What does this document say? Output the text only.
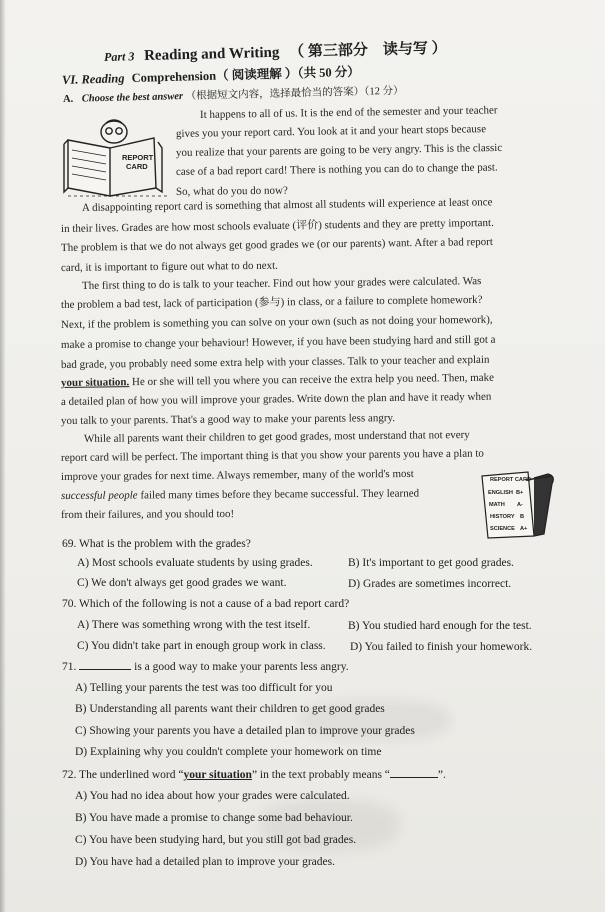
Part 3 Reading and Writing （ 第三部分　读与写 ）
VI. Reading Comprehension（ 阅读理解 ）（共 50 分）
A. Choose the best answer （根据短文内容，选择最恰当的答案）（12 分）
REPORT
CARD
It happens to all of us. It is the end of the semester and your teacher
gives you your report card. You look at it and your heart stops because
you realize that your parents are going to be very angry. This is the classic
case of a bad report card! There is nothing you can do to change the past.
So, what do you do now?
A disappointing report card is something that almost all students will experience at least once
in their lives. Grades are how most schools evaluate (评价) students and they are pretty important.
The problem is that we do not always get good grades we (or our parents) want. After a bad report
card, it is important to figure out what to do next.
The first thing to do is talk to your teacher. Find out how your grades were calculated. Was
the problem a bad test, lack of participation (参与) in class, or a failure to complete homework?
Next, if the problem is something you can solve on your own (such as not doing your homework),
make a promise to change your behaviour! However, if you have been studying hard and still got a
bad grade, you probably need some extra help with your classes. Talk to your teacher and explain
your situation. He or she will tell you where you can receive the extra help you need. Then, make
a detailed plan of how you will improve your grades. Write down the plan and have it ready when
you talk to your parents. That's a good way to make your parents less angry.
While all parents want their children to get good grades, most understand that not every
report card will be perfect. The important thing is that you show your parents you have a plan to
improve your grades for next time. Always remember, many of the world's most
successful people failed many times before they became successful. They learned
from their failures, and you should too!
REPORT CARD
ENGLISH B+
MATH A-
HISTORY B
SCIENCE A+
69. What is the problem with the grades?
A) Most schools evaluate students by using grades.	B) It's important to get good grades.
C) We don't always get good grades we want.	D) Grades are sometimes incorrect.
70. Which of the following is not a cause of a bad report card?
A) There was something wrong with the test itself.	B) You studied hard enough for the test.
C) You didn't take part in enough group work in class. D) You failed to finish your homework.
71.	is a good way to make your parents less angry.
A) Telling your parents the test was too difficult for you
B) Understanding all parents want their children to get good grades
C) Showing your parents you have a detailed plan to improve your grades
D) Explaining why you couldn't complete your homework on time
72. The underlined word “your situation” in the text probably means “	”.
A) You had no idea about how your grades were calculated.
B) You have made a promise to change some bad behaviour.
C) You have been studying hard, but you still got bad grades.
D) You have had a detailed plan to improve your grades.
